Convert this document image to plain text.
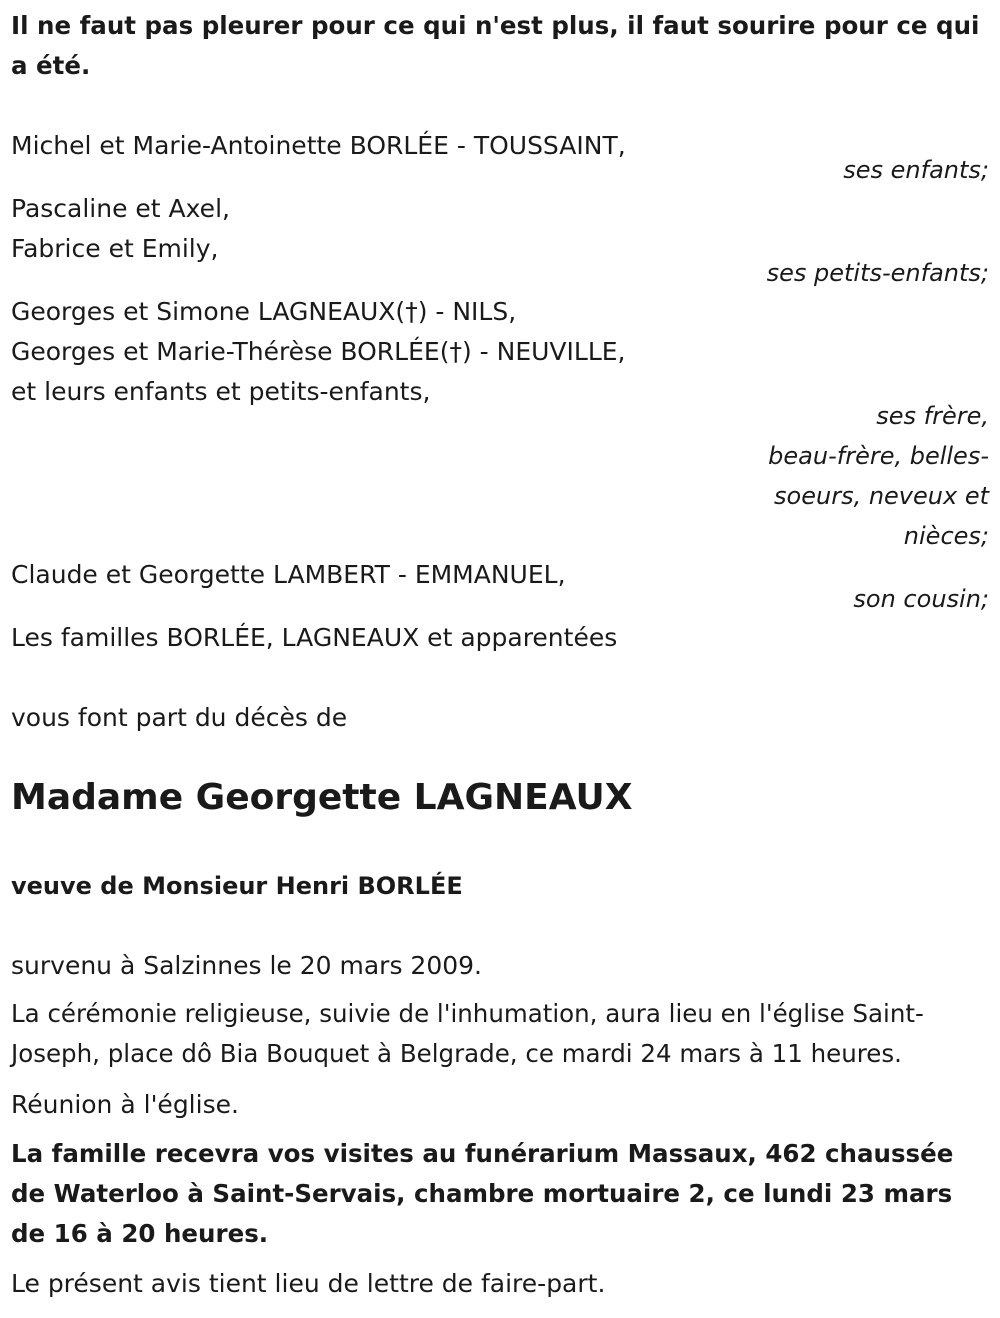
Il ne faut pas pleurer pour ce qui n'est plus, il faut sourire pour ce qui a été.
Michel et Marie-Antoinette BORLÉE - TOUSSAINT,
ses enfants;
Pascaline et Axel,
Fabrice et Emily,
ses petits-enfants;
Georges et Simone LAGNEAUX(†) - NILS,
Georges et Marie-Thérèse BORLÉE(†) - NEUVILLE,
et leurs enfants et petits-enfants,
ses frère,
beau-frère, belles-
soeurs, neveux et
nièces;
Claude et Georgette LAMBERT - EMMANUEL,
son cousin;
Les familles BORLÉE, LAGNEAUX et apparentées
vous font part du décès de
Madame Georgette LAGNEAUX
veuve de Monsieur Henri BORLÉE
survenu à Salzinnes le 20 mars 2009.
La cérémonie religieuse, suivie de l'inhumation, aura lieu en l'église Saint-Joseph, place dô Bia Bouquet à Belgrade, ce mardi 24 mars à 11 heures.
Réunion à l'église.
La famille recevra vos visites au funérarium Massaux, 462 chaussée de Waterloo à Saint-Servais, chambre mortuaire 2, ce lundi 23 mars de 16 à 20 heures.
Le présent avis tient lieu de lettre de faire-part.
